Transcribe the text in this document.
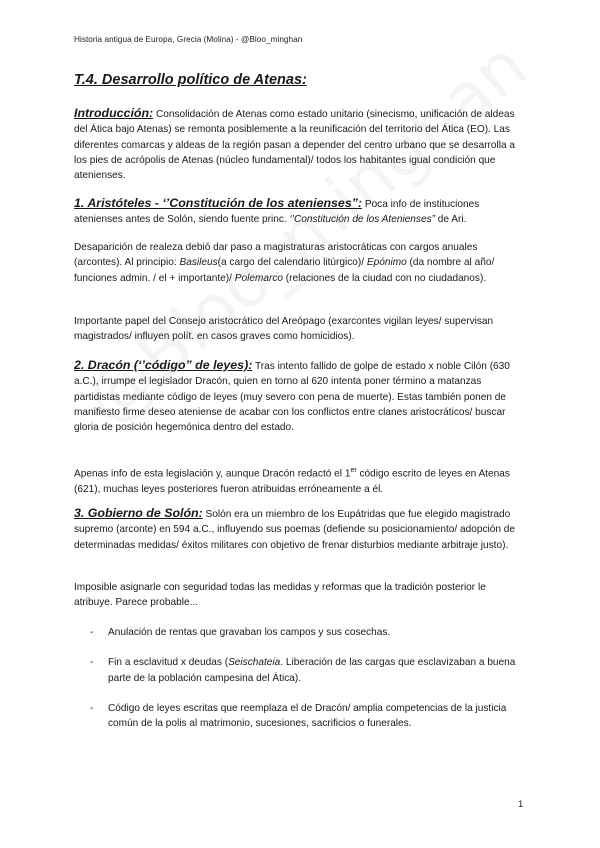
Historia antigua de Europa, Grecia (Molina) - @Bloo_minghan
T.4. Desarrollo político de Atenas:
Introducción: Consolidación de Atenas como estado unitario (sinecismo, unificación de aldeas del Ática bajo Atenas) se remonta posiblemente a la reunificación del territorio del Ática (EO). Las diferentes comarcas y aldeas de la región pasan a depender del centro urbano que se desarrolla a los pies de acrópolis de Atenas (núcleo fundamental)/ todos los habitantes igual condición que atenienses.
1. Aristóteles - ‘’Constitución de los atenienses”: Poca info de instituciones atenienses antes de Solón, siendo fuente princ. ‘’Constitución de los Atenienses” de Ari.
Desaparición de realeza debió dar paso a magistraturas aristocráticas con cargos anuales (arcontes). Al principio: Basileus(a cargo del calendario litúrgico)/ Epónimo (da nombre al año/ funciones admin. / el + importante)/ Polemarco (relaciones de la ciudad con no ciudadanos).
Importante papel del Consejo aristocrático del Areópago (exarcontes vigilan leyes/ supervisan magistrados/ influyen polít. en casos graves como homicidios).
2. Dracón (‘’código” de leyes): Tras intento fallido de golpe de estado x noble Cilón (630 a.C.), irrumpe el legislador Dracón, quien en torno al 620 intenta poner término a matanzas partidistas mediante código de leyes (muy severo con pena de muerte). Estas también ponen de manifiesto firme deseo ateniense de acabar con los conflictos entre clanes aristocráticos/ buscar gloria de posición hegemónica dentro del estado.
Apenas info de esta legislación y, aunque Dracón redactó el 1er código escrito de leyes en Atenas (621), muchas leyes posteriores fueron atribuidas erróneamente a él.
3. Gobierno de Solón: Solón era un miembro de los Eupátridas que fue elegido magistrado supremo (arconte) en 594 a.C., influyendo sus poemas (defiende su posicionamiento/ adopción de determinadas medidas/ éxitos militares con objetivo de frenar disturbios mediante arbitraje justo).
Imposible asignarle con seguridad todas las medidas y reformas que la tradición posterior le atribuye. Parece probable...
- Anulación de rentas que gravaban los campos y sus cosechas.
- Fin a esclavitud x deudas (Seischateia. Liberación de las cargas que esclavizaban a buena parte de la población campesina del Ática).
- Código de leyes escritas que reemplaza el de Dracón/ amplia competencias de la justicia común de la polis al matrimonio, sucesiones, sacrificios o funerales.
1
